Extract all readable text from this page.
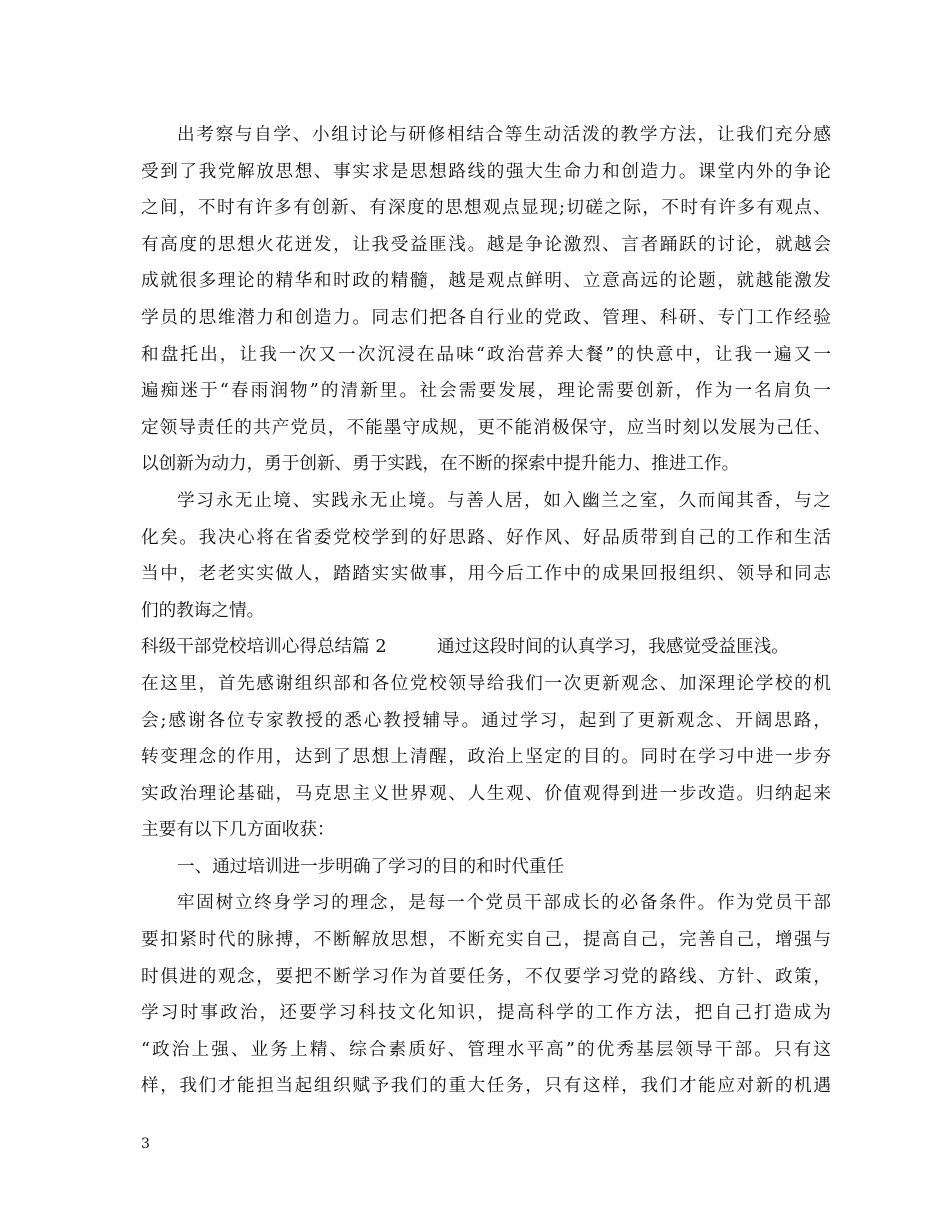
出考察与自学、小组讨论与研修相结合等生动活泼的教学方法，让我们充分感
受到了我党解放思想、事实求是思想路线的强大生命力和创造力。课堂内外的争论
之间，不时有许多有创新、有深度的思想观点显现;切磋之际，不时有许多有观点、
有高度的思想火花迸发，让我受益匪浅。越是争论激烈、言者踊跃的讨论，就越会
成就很多理论的精华和时政的精髓，越是观点鲜明、立意高远的论题，就越能激发
学员的思维潜力和创造力。同志们把各自行业的党政、管理、科研、专门工作经验
和盘托出，让我一次又一次沉浸在品味“政治营养大餐”的快意中，让我一遍又一
遍痴迷于“春雨润物”的清新里。社会需要发展，理论需要创新，作为一名肩负一
定领导责任的共产党员，不能墨守成规，更不能消极保守，应当时刻以发展为己任、
以创新为动力，勇于创新、勇于实践，在不断的探索中提升能力、推进工作。
学习永无止境、实践永无止境。与善人居，如入幽兰之室，久而闻其香，与之
化矣。我决心将在省委党校学到的好思路、好作风、好品质带到自己的工作和生活
当中，老老实实做人，踏踏实实做事，用今后工作中的成果回报组织、领导和同志
们的教诲之情。
科级干部党校培训心得总结篇 2	通过这段时间的认真学习，我感觉受益匪浅。
在这里，首先感谢组织部和各位党校领导给我们一次更新观念、加深理论学校的机
会;感谢各位专家教授的悉心教授辅导。通过学习，起到了更新观念、开阔思路，
转变理念的作用，达到了思想上清醒，政治上坚定的目的。同时在学习中进一步夯
实政治理论基础，马克思主义世界观、人生观、价值观得到进一步改造。归纳起来
主要有以下几方面收获：
一、通过培训进一步明确了学习的目的和时代重任
牢固树立终身学习的理念，是每一个党员干部成长的必备条件。作为党员干部
要扣紧时代的脉搏，不断解放思想，不断充实自己，提高自己，完善自己，增强与
时俱进的观念，要把不断学习作为首要任务，不仅要学习党的路线、方针、政策，
学习时事政治，还要学习科技文化知识，提高科学的工作方法，把自己打造成为
“政治上强、业务上精、综合素质好、管理水平高”的优秀基层领导干部。只有这
样，我们才能担当起组织赋予我们的重大任务，只有这样，我们才能应对新的机遇
3
